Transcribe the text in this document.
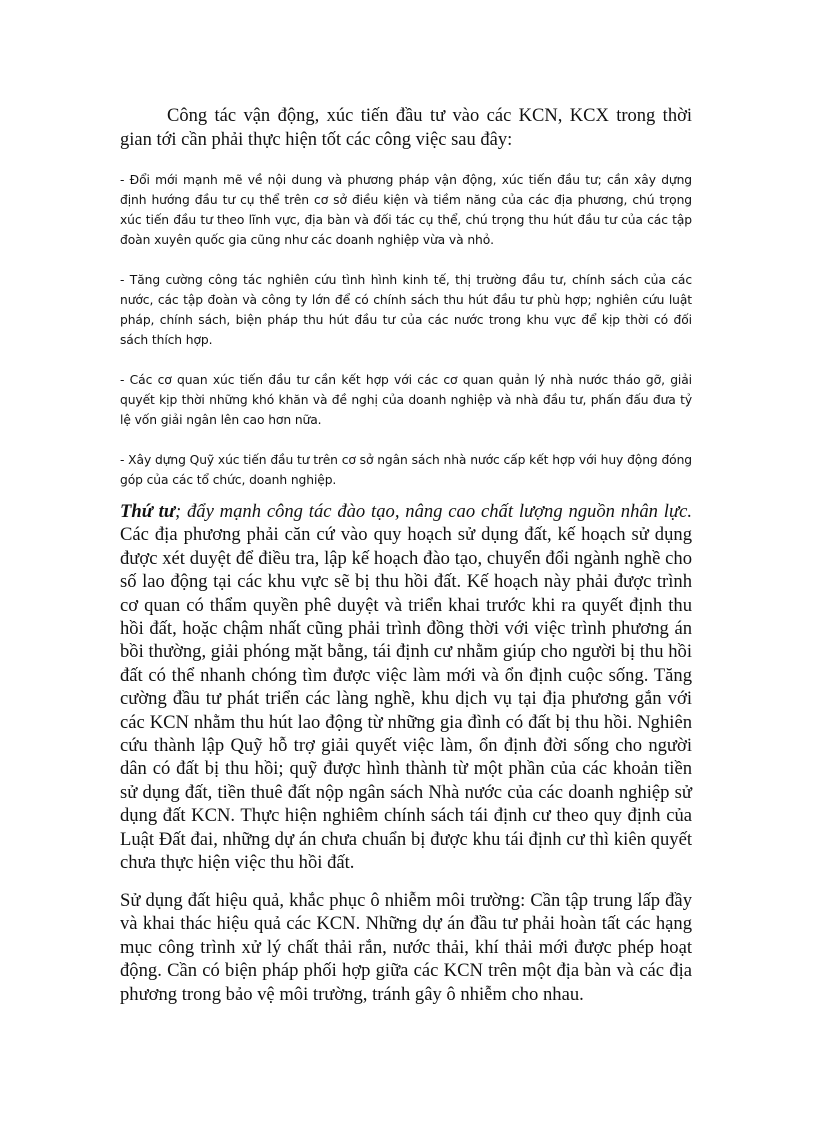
Công tác vận động, xúc tiến đầu tư vào các KCN, KCX trong thời gian tới cần phải thực hiện tốt các công việc sau đây:

- Đổi mới mạnh mẽ về nội dung và phương pháp vận động, xúc tiến đầu tư; cần xây dựng định hướng đầu tư cụ thể trên cơ sở điều kiện và tiềm năng của các địa phương, chú trọng xúc tiến đầu tư theo lĩnh vực, địa bàn và đối tác cụ thể, chú trọng thu hút đầu tư của các tập đoàn xuyên quốc gia cũng như các doanh nghiệp vừa và nhỏ.
- Tăng cường công tác nghiên cứu tình hình kinh tế, thị trường đầu tư, chính sách của các nước, các tập đoàn và công ty lớn để có chính sách thu hút đầu tư phù hợp; nghiên cứu luật pháp, chính sách, biện pháp thu hút đầu tư của các nước trong khu vực để kịp thời có đối sách thích hợp.
- Các cơ quan xúc tiến đầu tư cần kết hợp với các cơ quan quản lý nhà nước tháo gỡ, giải quyết kịp thời những khó khăn và đề nghị của doanh nghiệp và nhà đầu tư, phấn đấu đưa tỷ lệ vốn giải ngân lên cao hơn nữa.
- Xây dựng Quỹ xúc tiến đầu tư trên cơ sở ngân sách nhà nước cấp kết hợp với huy động đóng góp của các tổ chức, doanh nghiệp.

Thứ tư; đẩy mạnh công tác đào tạo, nâng cao chất lượng nguồn nhân lực. Các địa phương phải căn cứ vào quy hoạch sử dụng đất, kế hoạch sử dụng được xét duyệt để điều tra, lập kế hoạch đào tạo, chuyển đổi ngành nghề cho số lao động tại các khu vực sẽ bị thu hồi đất. Kế hoạch này phải được trình cơ quan có thẩm quyền phê duyệt và triển khai trước khi ra quyết định thu hồi đất, hoặc chậm nhất cũng phải trình đồng thời với việc trình phương án bồi thường, giải phóng mặt bằng, tái định cư nhằm giúp cho người bị thu hồi đất có thể nhanh chóng tìm được việc làm mới và ổn định cuộc sống. Tăng cường đầu tư phát triển các làng nghề, khu dịch vụ tại địa phương gắn với các KCN nhằm thu hút lao động từ những gia đình có đất bị thu hồi. Nghiên cứu thành lập Quỹ hỗ trợ giải quyết việc làm, ổn định đời sống cho người dân có đất bị thu hồi; quỹ được hình thành từ một phần của các khoản tiền sử dụng đất, tiền thuê đất nộp ngân sách Nhà nước của các doanh nghiệp sử dụng đất KCN. Thực hiện nghiêm chính sách tái định cư theo quy định của Luật Đất đai, những dự án chưa chuẩn bị được khu tái định cư thì kiên quyết chưa thực hiện việc thu hồi đất.

Sử dụng đất hiệu quả, khắc phục ô nhiễm môi trường: Cần tập trung lấp đầy và khai thác hiệu quả các KCN. Những dự án đầu tư phải hoàn tất các hạng mục công trình xử lý chất thải rắn, nước thải, khí thải mới được phép hoạt động. Cần có biện pháp phối hợp giữa các KCN trên một địa bàn và các địa phương trong bảo vệ môi trường, tránh gây ô nhiễm cho nhau.
